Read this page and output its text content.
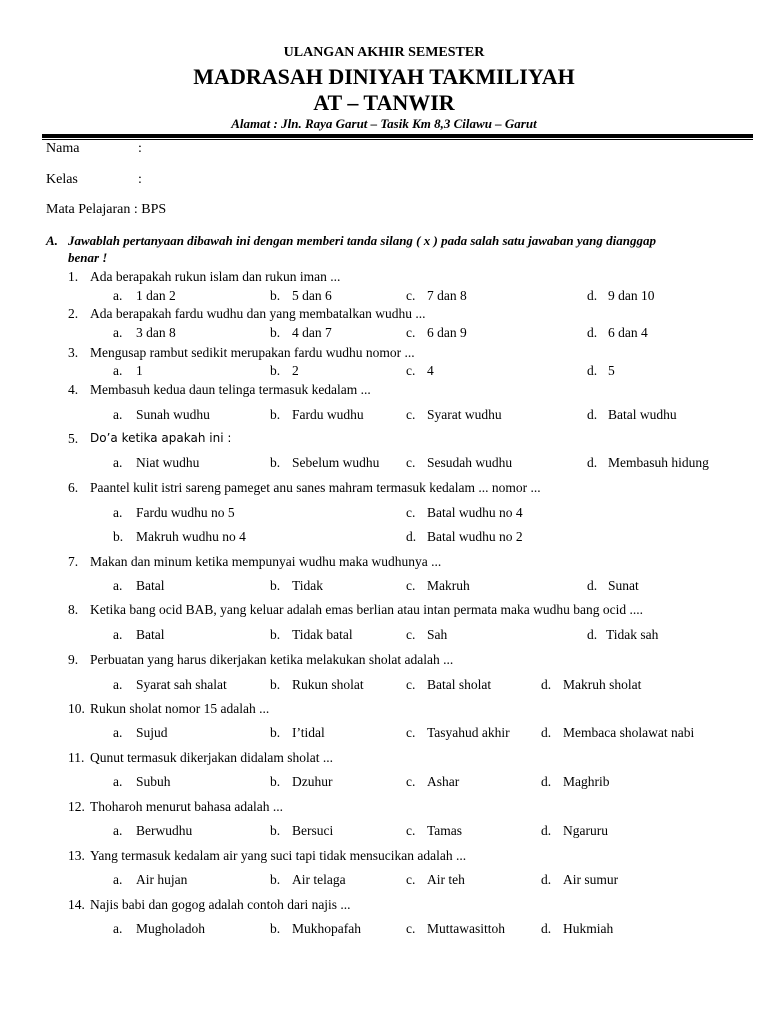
ULANGAN AKHIR SEMESTER
MADRASAH DINIYAH TAKMILIYAH
AT – TANWIR
Alamat : Jln. Raya Garut – Tasik Km 8,3 Cilawu – Garut
Nama	:
Kelas	:
Mata Pelajaran : BPS
A. Jawablah pertanyaan dibawah ini dengan memberi tanda silang ( x ) pada salah satu jawaban yang dianggap
benar !
1. Ada berapakah rukun islam dan rukun iman ...
a. 1 dan 2	b. 5 dan 6	c. 7 dan 8	d. 9 dan 10
2. Ada berapakah fardu wudhu dan yang membatalkan wudhu ...
a. 3 dan 8	b. 4 dan 7	c. 6 dan 9	d. 6 dan 4
3. Mengusap rambut sedikit merupakan fardu wudhu nomor ...
a. 1	b. 2	c. 4	d. 5
4. Membasuh kedua daun telinga termasuk kedalam ...
a. Sunah wudhu	b. Fardu wudhu	c. Syarat wudhu	d. Batal wudhu
5. Do’a ketika apakah ini :
a. Niat wudhu	b. Sebelum wudhu c. Sesudah wudhu	d. Membasuh hidung
6. Paantel kulit istri sareng pameget anu sanes mahram termasuk kedalam ... nomor ...
a. Fardu wudhu no 5
b. Makruh wudhu no 4
c. Batal wudhu no 4
d. Batal wudhu no 2
7. Makan dan minum ketika mempunyai wudhu maka wudhunya ...
a. Batal	b. Tidak	c. Makruh	d. Sunat
8. Ketika bang ocid BAB, yang keluar adalah emas berlian atau intan permata maka wudhu bang ocid ....
a. Batal	b. Tidak batal	c. Sah	d. Tidak sah
9. Perbuatan yang harus dikerjakan ketika melakukan sholat adalah ...
a. Syarat sah shalat	b. Rukun sholat	c. Batal sholat	d. Makruh sholat
10. Rukun sholat nomor 15 adalah ...
a. Sujud	b. I’tidal	c. Tasyahud akhir d. Membaca sholawat nabi
11. Qunut termasuk dikerjakan didalam sholat ...
a. Subuh	b. Dzuhur	c. Ashar	d. Maghrib
12. Thoharoh menurut bahasa adalah ...
a. Berwudhu	b. Bersuci	c. Tamas	d. Ngaruru
13. Yang termasuk kedalam air yang suci tapi tidak mensucikan adalah ...
a. Air hujan	b. Air telaga	c. Air teh	d. Air sumur
14. Najis babi dan gogog adalah contoh dari najis ...
a. Mugholadoh	b. Mukhopafah	c. Muttawasittoh	d. Hukmiah
